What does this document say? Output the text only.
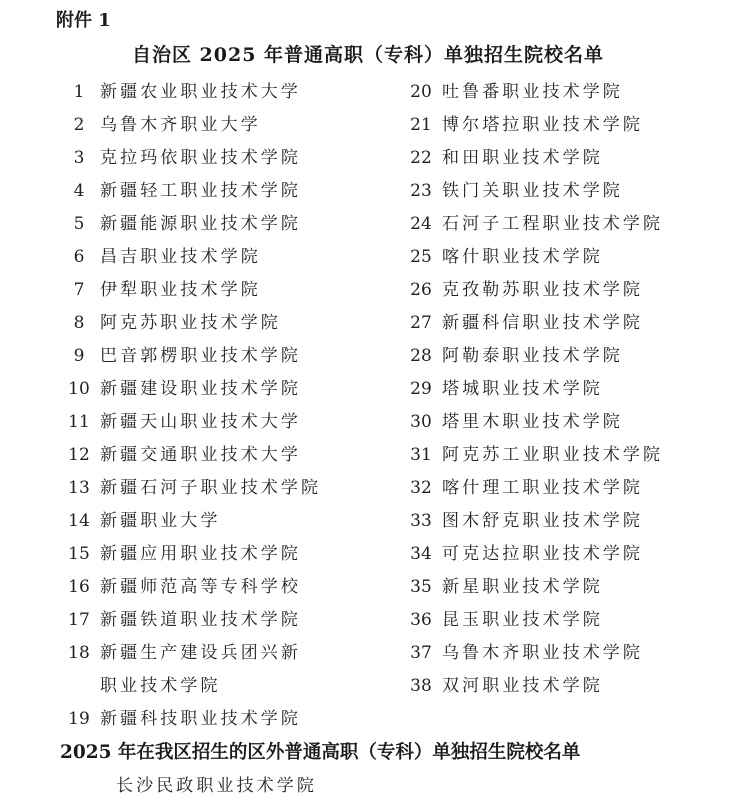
附件 1
自治区 2025 年普通高职（专科）单独招生院校名单
1 新疆农业职业技术大学
2 乌鲁木齐职业大学
3 克拉玛依职业技术学院
4 新疆轻工职业技术学院
5 新疆能源职业技术学院
6 昌吉职业技术学院
7 伊犁职业技术学院
8 阿克苏职业技术学院
9 巴音郭楞职业技术学院
10 新疆建设职业技术学院
11 新疆天山职业技术大学
12 新疆交通职业技术大学
13 新疆石河子职业技术学院
14 新疆职业大学
15 新疆应用职业技术学院
16 新疆师范高等专科学校
17 新疆铁道职业技术学院
18 新疆生产建设兵团兴新
职业技术学院
19 新疆科技职业技术学院
20 吐鲁番职业技术学院
21 博尔塔拉职业技术学院
22 和田职业技术学院
23 铁门关职业技术学院
24 石河子工程职业技术学院
25 喀什职业技术学院
26 克孜勒苏职业技术学院
27 新疆科信职业技术学院
28 阿勒泰职业技术学院
29 塔城职业技术学院
30 塔里木职业技术学院
31 阿克苏工业职业技术学院
32 喀什理工职业技术学院
33 图木舒克职业技术学院
34 可克达拉职业技术学院
35 新星职业技术学院
36 昆玉职业技术学院
37 乌鲁木齐职业技术学院
38 双河职业技术学院
2025 年在我区招生的区外普通高职（专科）单独招生院校名单
长沙民政职业技术学院
